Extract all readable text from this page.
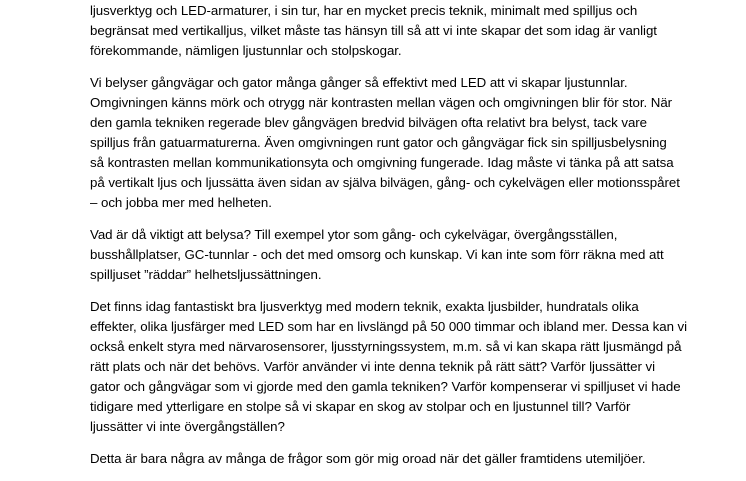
ljusverktyg och LED-armaturer, i sin tur, har en mycket precis teknik, minimalt med spilljus och
begränsat med vertikalljus, vilket måste tas hänsyn till så att vi inte skapar det som idag är vanligt
förekommande, nämligen ljustunnlar och stolpskogar.

Vi belyser gångvägar och gator många gånger så effektivt med LED att vi skapar ljustunnlar.
Omgivningen känns mörk och otrygg när kontrasten mellan vägen och omgivningen blir för stor. När
den gamla tekniken regerade blev gångvägen bredvid bilvägen ofta relativt bra belyst, tack vare
spilljus från gatuarmaturerna. Även omgivningen runt gator och gångvägar fick sin spilljusbelysning
så kontrasten mellan kommunikationsyta och omgivning fungerade. Idag måste vi tänka på att satsa
på vertikalt ljus och ljussätta även sidan av själva bilvägen, gång- och cykelvägen eller motionsspåret
– och jobba mer med helheten.

Vad är då viktigt att belysa? Till exempel ytor som gång- och cykelvägar, övergångsställen,
busshållplatser, GC-tunnlar - och det med omsorg och kunskap. Vi kan inte som förr räkna med att
spilljuset ”räddar” helhetsljussättningen.

Det finns idag fantastiskt bra ljusverktyg med modern teknik, exakta ljusbilder, hundratals olika
effekter, olika ljusfärger med LED som har en livslängd på 50 000 timmar och ibland mer. Dessa kan vi
också enkelt styra med närvarosensorer, ljusstyrningssystem, m.m. så vi kan skapa rätt ljusmängd på
rätt plats och när det behövs. Varför använder vi inte denna teknik på rätt sätt? Varför ljussätter vi
gator och gångvägar som vi gjorde med den gamla tekniken? Varför kompenserar vi spilljuset vi hade
tidigare med ytterligare en stolpe så vi skapar en skog av stolpar och en ljustunnel till? Varför
ljussätter vi inte övergångställen?

Detta är bara några av många de frågor som gör mig oroad när det gäller framtidens utemiljöer.
